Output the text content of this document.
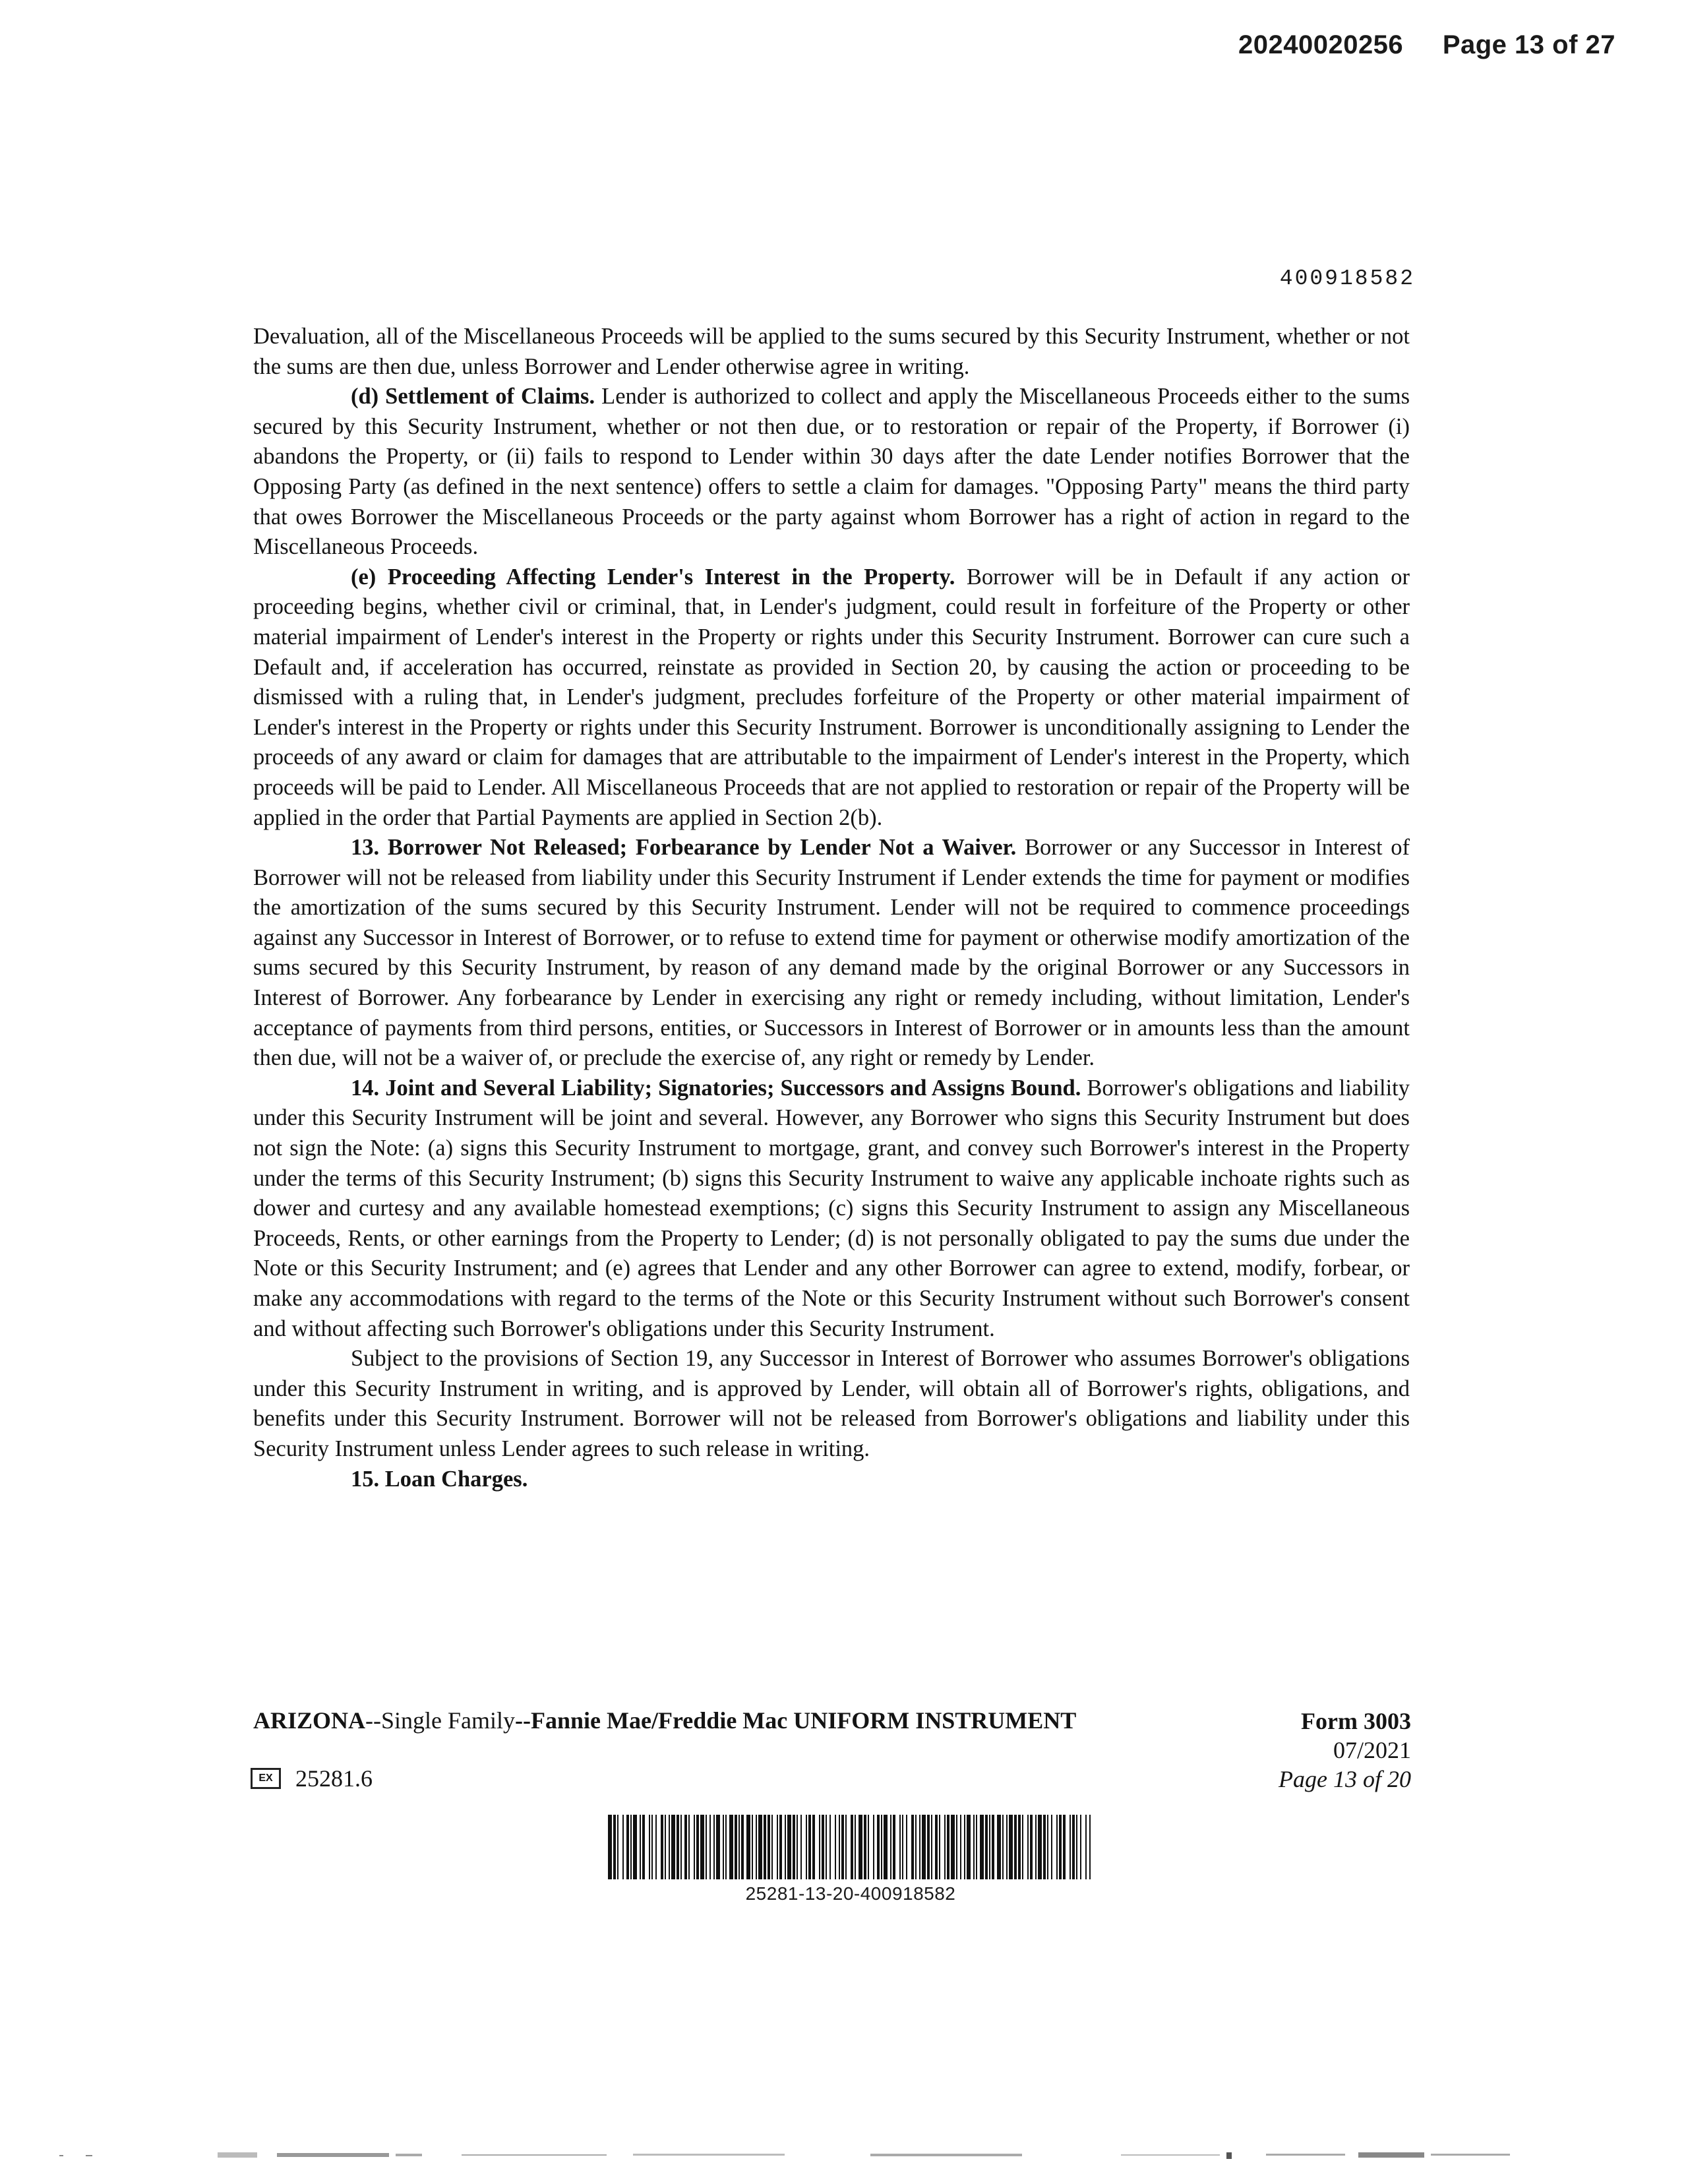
20240020256 Page 13 of 27
400918582

Devaluation, all of the Miscellaneous Proceeds will be applied to the sums secured by this Security Instrument, whether or not the sums are then due, unless Borrower and Lender otherwise agree in writing.

(d) Settlement of Claims. Lender is authorized to collect and apply the Miscellaneous Proceeds either to the sums secured by this Security Instrument, whether or not then due, or to restoration or repair of the Property, if Borrower (i) abandons the Property, or (ii) fails to respond to Lender within 30 days after the date Lender notifies Borrower that the Opposing Party (as defined in the next sentence) offers to settle a claim for damages. "Opposing Party" means the third party that owes Borrower the Miscellaneous Proceeds or the party against whom Borrower has a right of action in regard to the Miscellaneous Proceeds.

(e) Proceeding Affecting Lender's Interest in the Property. Borrower will be in Default if any action or proceeding begins, whether civil or criminal, that, in Lender's judgment, could result in forfeiture of the Property or other material impairment of Lender's interest in the Property or rights under this Security Instrument. Borrower can cure such a Default and, if acceleration has occurred, reinstate as provided in Section 20, by causing the action or proceeding to be dismissed with a ruling that, in Lender's judgment, precludes forfeiture of the Property or other material impairment of Lender's interest in the Property or rights under this Security Instrument. Borrower is unconditionally assigning to Lender the proceeds of any award or claim for damages that are attributable to the impairment of Lender's interest in the Property, which proceeds will be paid to Lender. All Miscellaneous Proceeds that are not applied to restoration or repair of the Property will be applied in the order that Partial Payments are applied in Section 2(b).

13. Borrower Not Released; Forbearance by Lender Not a Waiver. Borrower or any Successor in Interest of Borrower will not be released from liability under this Security Instrument if Lender extends the time for payment or modifies the amortization of the sums secured by this Security Instrument. Lender will not be required to commence proceedings against any Successor in Interest of Borrower, or to refuse to extend time for payment or otherwise modify amortization of the sums secured by this Security Instrument, by reason of any demand made by the original Borrower or any Successors in Interest of Borrower. Any forbearance by Lender in exercising any right or remedy including, without limitation, Lender's acceptance of payments from third persons, entities, or Successors in Interest of Borrower or in amounts less than the amount then due, will not be a waiver of, or preclude the exercise of, any right or remedy by Lender.

14. Joint and Several Liability; Signatories; Successors and Assigns Bound. Borrower's obligations and liability under this Security Instrument will be joint and several. However, any Borrower who signs this Security Instrument but does not sign the Note: (a) signs this Security Instrument to mortgage, grant, and convey such Borrower's interest in the Property under the terms of this Security Instrument; (b) signs this Security Instrument to waive any applicable inchoate rights such as dower and curtesy and any available homestead exemptions; (c) signs this Security Instrument to assign any Miscellaneous Proceeds, Rents, or other earnings from the Property to Lender; (d) is not personally obligated to pay the sums due under the Note or this Security Instrument; and (e) agrees that Lender and any other Borrower can agree to extend, modify, forbear, or make any accommodations with regard to the terms of the Note or this Security Instrument without such Borrower's consent and without affecting such Borrower's obligations under this Security Instrument.

Subject to the provisions of Section 19, any Successor in Interest of Borrower who assumes Borrower's obligations under this Security Instrument in writing, and is approved by Lender, will obtain all of Borrower's rights, obligations, and benefits under this Security Instrument. Borrower will not be released from Borrower's obligations and liability under this Security Instrument unless Lender agrees to such release in writing.

15. Loan Charges.

ARIZONA--Single Family--Fannie Mae/Freddie Mac UNIFORM INSTRUMENT	Form 3003
07/2021
Page 13 of 20
EX 25281.6
25281-13-20-400918582
